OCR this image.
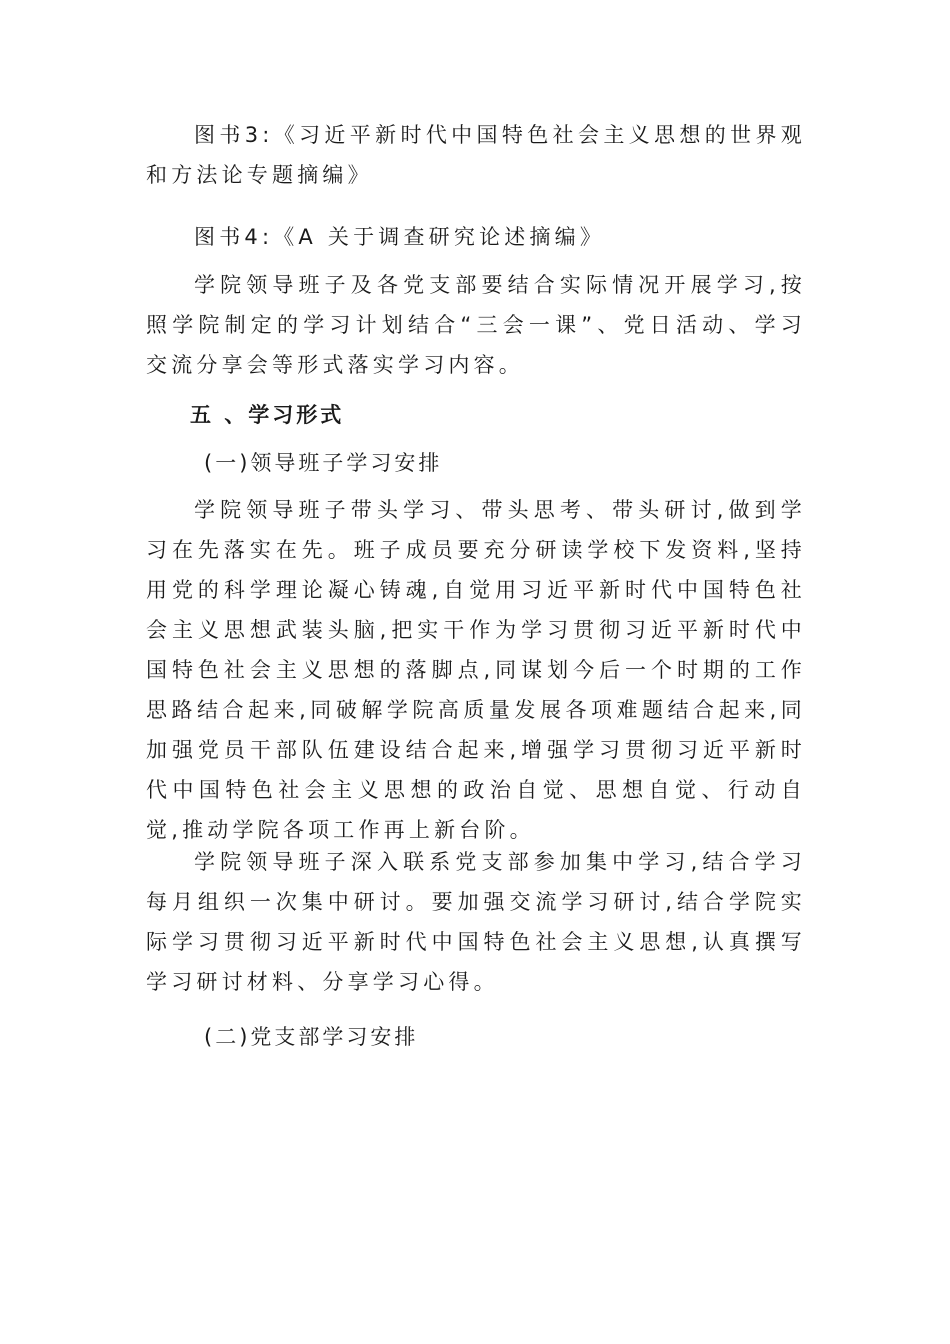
图书3:《习近平新时代中国特色社会主义思想的世界观和方法论专题摘编》

图书4:《A 关于调查研究论述摘编》

学院领导班子及各党支部要结合实际情况开展学习,按照学院制定的学习计划结合“三会一课”、党日活动、学习交流分享会等形式落实学习内容。

五 、学习形式

(一)领导班子学习安排

学院领导班子带头学习、带头思考、带头研讨,做到学习在先落实在先。班子成员要充分研读学校下发资料,坚持用党的科学理论凝心铸魂,自觉用习近平新时代中国特色社会主义思想武装头脑,把实干作为学习贯彻习近平新时代中国特色社会主义思想的落脚点,同谋划今后一个时期的工作思路结合起来,同破解学院高质量发展各项难题结合起来,同加强党员干部队伍建设结合起来,增强学习贯彻习近平新时代中国特色社会主义思想的政治自觉、思想自觉、行动自觉,推动学院各项工作再上新台阶。

学院领导班子深入联系党支部参加集中学习,结合学习每月组织一次集中研讨。要加强交流学习研讨,结合学院实际学习贯彻习近平新时代中国特色社会主义思想,认真撰写学习研讨材料、分享学习心得。

(二)党支部学习安排
